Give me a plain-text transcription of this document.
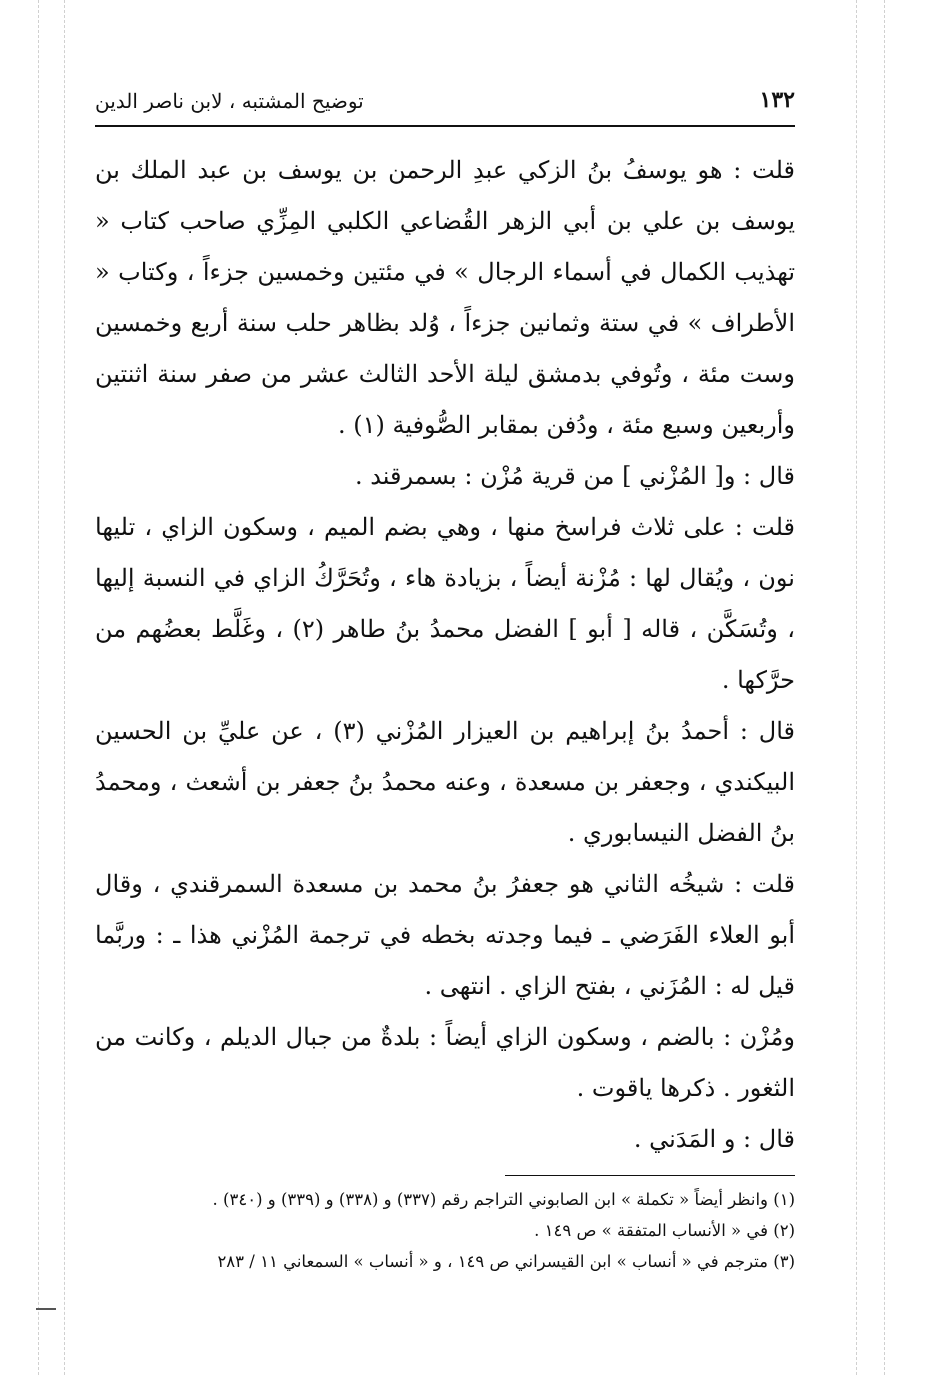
١٣٢
توضيح المشتبه ، لابن ناصر الدين

قلت : هو يوسفُ بنُ الزكي عبدِ الرحمن بن يوسف بن عبد الملك بن يوسف بن علي بن أبي الزهر القُضاعي الكلبي المِزِّي صاحب كتاب « تهذيب الكمال في أسماء الرجال » في مئتين وخمسين جزءاً ، وكتاب « الأطراف » في ستة وثمانين جزءاً ، وُلد بظاهر حلب سنة أربع وخمسين وست مئة ، وتُوفي بدمشق ليلة الأحد الثالث عشر من صفر سنة اثنتين وأربعين وسبع مئة ، ودُفن بمقابر الصُّوفية (١) .

قال : و[ المُزْني ] من قرية مُزْن : بسمرقند .

قلت : على ثلاث فراسخ منها ، وهي بضم الميم ، وسكون الزاي ، تليها نون ، ويُقال لها : مُزْنة أيضاً ، بزيادة هاء ، وتُحَرَّكُ الزاي في النسبة إليها ، وتُسَكَّن ، قاله [ أبو ] الفضل محمدُ بنُ طاهر (٢) ، وغَلَّط بعضُهم من حرَّكها .

قال : أحمدُ بنُ إبراهيم بن العيزار المُزْني (٣) ، عن عليِّ بن الحسين البيكندي ، وجعفر بن مسعدة ، وعنه محمدُ بنُ جعفر بن أشعث ، ومحمدُ بنُ الفضل النيسابوري .

قلت : شيخُه الثاني هو جعفرُ بنُ محمد بن مسعدة السمرقندي ، وقال أبو العلاء الفَرَضي ـ فيما وجدته بخطه في ترجمة المُزْني هذا ـ : وربَّما قيل له : المُزَني ، بفتح الزاي . انتهى .

ومُزْن : بالضم ، وسكون الزاي أيضاً : بلدةٌ من جبال الديلم ، وكانت من الثغور . ذكرها ياقوت .

قال : و المَدَني .

(١) وانظر أيضاً « تكملة » ابن الصابوني التراجم رقم (٣٣٧) و (٣٣٨) و (٣٣٩) و (٣٤٠) .

(٢) في « الأنساب المتفقة » ص ١٤٩ .

(٣) مترجم في « أنساب » ابن القيسراني ص ١٤٩ ، و « أنساب » السمعاني ١١ / ٢٨٣
